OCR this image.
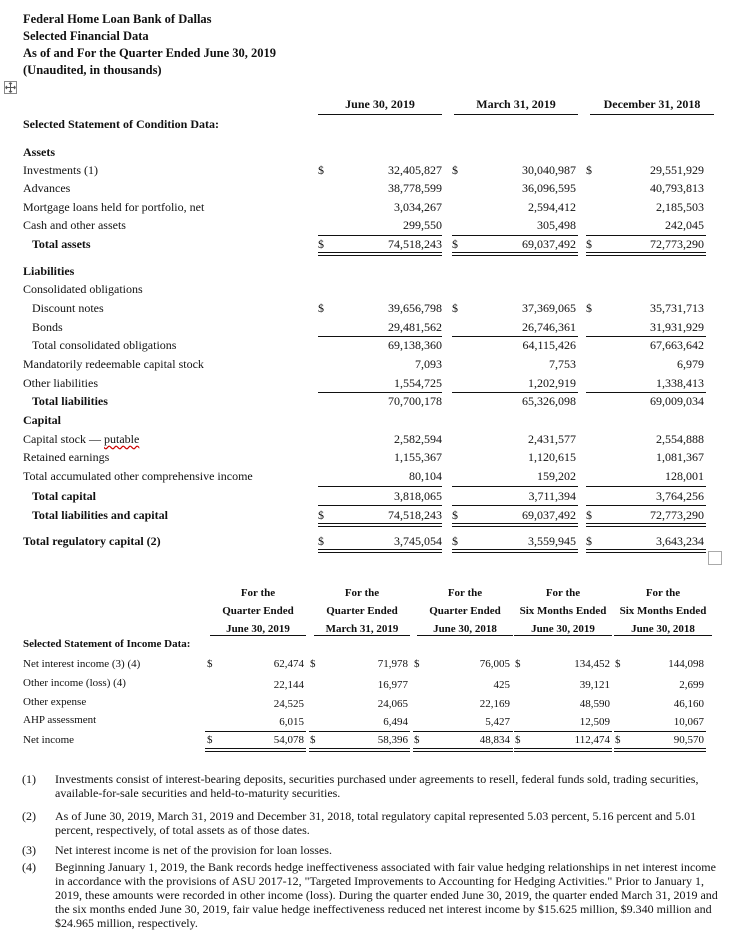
Federal Home Loan Bank of Dallas
Selected Financial Data
As of and For the Quarter Ended June 30, 2019
(Unaudited, in thousands)
June 30, 2019	March 31, 2019	December 31, 2018
Selected Statement of Condition Data:
Assets
Investments (1)	$	32,405,827 $	30,040,987 $	29,551,929
Advances	38,778,599	36,096,595	40,793,813
Mortgage loans held for portfolio, net	3,034,267	2,594,412	2,185,503
Cash and other assets	299,550	305,498	242,045
Total assets	$	74,518,243 $	69,037,492 $	72,773,290
Liabilities
Consolidated obligations
Discount notes	$	39,656,798 $	37,369,065 $	35,731,713
Bonds	29,481,562	26,746,361	31,931,929
Total consolidated obligations	69,138,360	64,115,426	67,663,642
Mandatorily redeemable capital stock	7,093	7,753	6,979
Other liabilities	1,554,725	1,202,919	1,338,413
Total liabilities	70,700,178	65,326,098	69,009,034
Capital
Capital stock — putable	2,582,594	2,431,577	2,554,888
Retained earnings	1,155,367	1,120,615	1,081,367
Total accumulated other comprehensive income	80,104	159,202	128,001
Total capital	3,818,065	3,711,394	3,764,256
Total liabilities and capital	$	74,518,243 $	69,037,492 $	72,773,290
Total regulatory capital (2)	$	3,745,054 $	3,559,945 $	3,643,234
For the
Quarter Ended
June 30, 2019
For the
Quarter Ended
March 31, 2019
For the
Quarter Ended
June 30, 2018
For the
Six Months Ended
June 30, 2019
For the
Six Months Ended
June 30, 2018
Selected Statement of Income Data:
Net interest income (3) (4)	$	62,474 $	71,978 $	76,005 $	134,452 $	144,098
Other income (loss) (4)	22,144	16,977	425	39,121	2,699
Other expense	24,525	24,065	22,169	48,590	46,160
AHP assessment	6,015	6,494	5,427	12,509	10,067
Net income	$	54,078 $	58,396 $	48,834 $	112,474 $	90,570
(1) Investments consist of interest-bearing deposits, securities purchased under agreements to resell, federal funds sold, trading securities, available-for-sale securities and held-to-maturity securities.
(2) As of June 30, 2019, March 31, 2019 and December 31, 2018, total regulatory capital represented 5.03 percent, 5.16 percent and 5.01 percent, respectively, of total assets as of those dates.
(3) Net interest income is net of the provision for loan losses.
(4) Beginning January 1, 2019, the Bank records hedge ineffectiveness associated with fair value hedging relationships in net interest income in accordance with the provisions of ASU 2017-12, "Targeted Improvements to Accounting for Hedging Activities." Prior to January 1, 2019, these amounts were recorded in other income (loss). During the quarter ended June 30, 2019, the quarter ended March 31, 2019 and the six months ended June 30, 2019, fair value hedge ineffectiveness reduced net interest income by $15.625 million, $9.340 million and $24.965 million, respectively.
